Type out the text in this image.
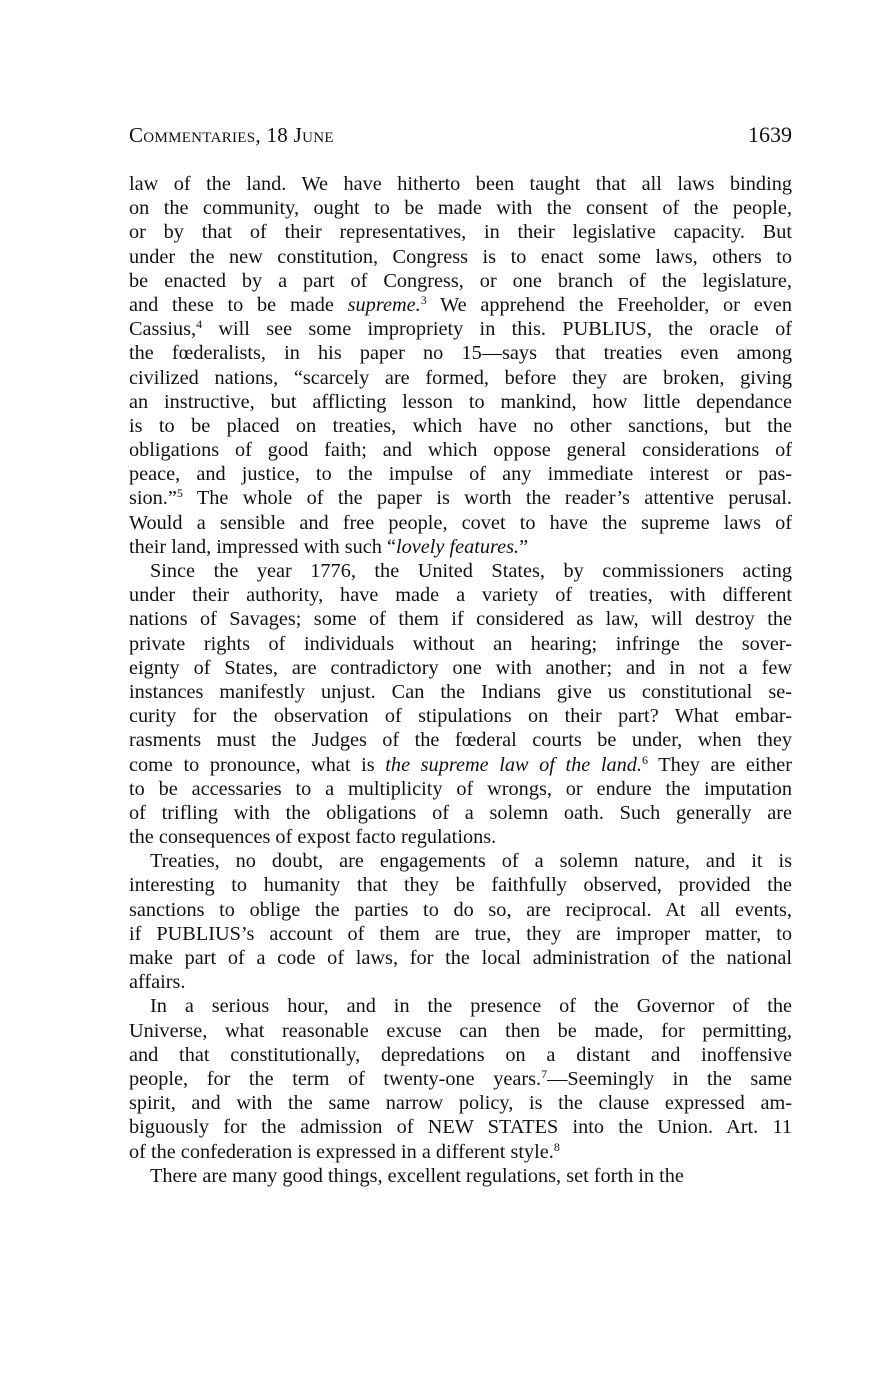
Commentaries, 18 June	1639
law of the land. We have hitherto been taught that all laws binding
on the community, ought to be made with the consent of the people,
or by that of their representatives, in their legislative capacity. But
under the new constitution, Congress is to enact some laws, others to
be enacted by a part of Congress, or one branch of the legislature,
and these to be made supreme.$^3$ We apprehend the Freeholder, or even
Cassius,$^4$ will see some impropriety in this. PUBLIUS, the oracle of
the fœderalists, in his paper no 15—says that treaties even among
civilized nations, “scarcely are formed, before they are broken, giving
an instructive, but afflicting lesson to mankind, how little dependance
is to be placed on treaties, which have no other sanctions, but the
obligations of good faith; and which oppose general considerations of
peace, and justice, to the impulse of any immediate interest or pas-
sion.”$^5$ The whole of the paper is worth the reader’s attentive perusal.
Would a sensible and free people, covet to have the supreme laws of
their land, impressed with such “lovely features.”
Since the year 1776, the United States, by commissioners acting
under their authority, have made a variety of treaties, with different
nations of Savages; some of them if considered as law, will destroy the
private rights of individuals without an hearing; infringe the sover-
eignty of States, are contradictory one with another; and in not a few
instances manifestly unjust. Can the Indians give us constitutional se-
curity for the observation of stipulations on their part? What embar-
rasments must the Judges of the fœderal courts be under, when they
come to pronounce, what is the supreme law of the land.$^6$ They are either
to be accessaries to a multiplicity of wrongs, or endure the imputation
of trifling with the obligations of a solemn oath. Such generally are
the consequences of expost facto regulations.
Treaties, no doubt, are engagements of a solemn nature, and it is
interesting to humanity that they be faithfully observed, provided the
sanctions to oblige the parties to do so, are reciprocal. At all events,
if PUBLIUS’s account of them are true, they are improper matter, to
make part of a code of laws, for the local administration of the national
affairs.
In a serious hour, and in the presence of the Governor of the
Universe, what reasonable excuse can then be made, for permitting,
and that constitutionally, depredations on a distant and inoffensive
people, for the term of twenty-one years.$^7$—Seemingly in the same
spirit, and with the same narrow policy, is the clause expressed am-
biguously for the admission of NEW STATES into the Union. Art. 11
of the confederation is expressed in a different style.$^8$
There are many good things, excellent regulations, set forth in the
